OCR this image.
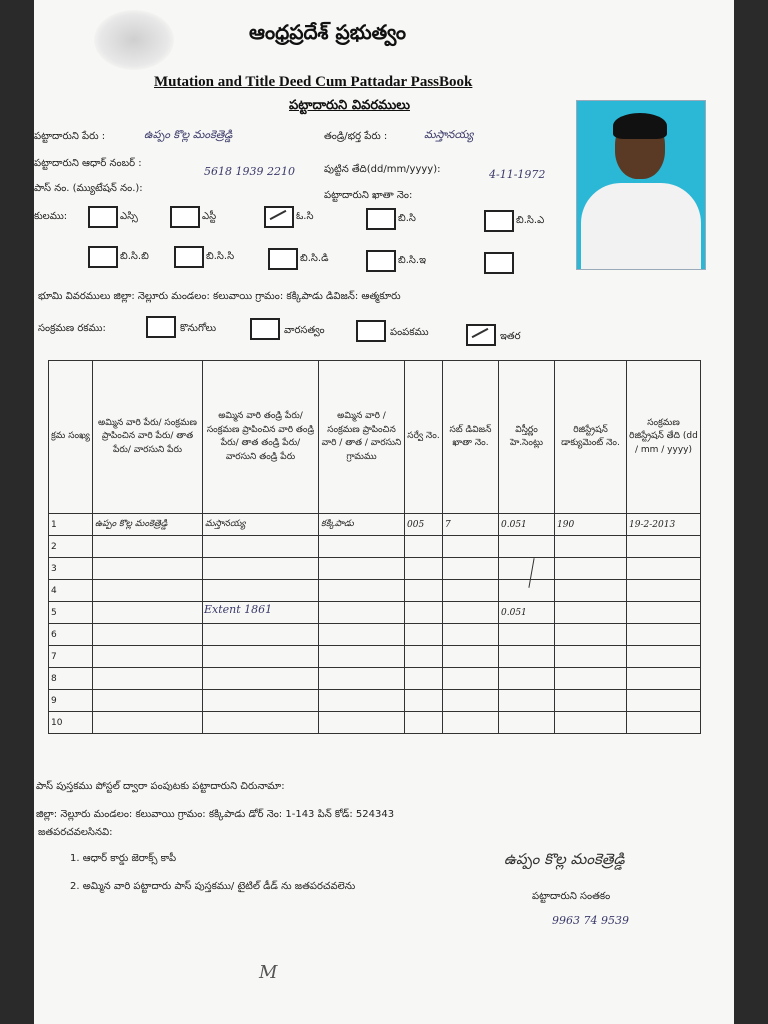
ఆంధ్రప్రదేశ్ ప్రభుత్వం
Mutation and Title Deed Cum Pattadar PassBook
పట్టాదారుని వివరములు
పట్టాదారుని పేరు :	ఉప్పం కొల్ల మంకెత్రెడ్డి	తండ్రి/భర్త పేరు :	మస్తానయ్య
పట్టాదారుని ఆధార్ నంబర్ :
5618 1939 2210	పుట్టిన తేది(dd/mm/yyyy):	4-11-1972
పాస్ నం. (మ్యుటేషన్ నం.):
పట్టాదారుని ఖాతా నెం:
కులము:	ఎస్సి	ఎస్టీ	ఓ.సి	బి.సి	బి.సి.ఎ
బి.సి.బి	బి.సి.సి	బి.సి.డి	బి.సి.ఇ
భూమి వివరములు జిల్లా: నెల్లూరు మండలం: కలువాయి గ్రామం: కక్కిపాడు డివిజన్: ఆత్మకూరు
సంక్రమణ రకము:	కొనుగోలు	వారసత్వం	పంపకము	ఇతర
క్రమ సంఖ్య	అమ్మిన వారి పేరు/ సంక్రమణ ప్రాపించిన వారి పేరు/ తాత పేరు/ వారసుని పేరు	అమ్మిన వారి తండ్రి పేరు/ సంక్రమణ ప్రాపించిన వారి తండ్రి పేరు/ తాత తండ్రి పేరు/ వారసుని తండ్రి పేరు	అమ్మిన వారి / సంక్రమణ ప్రాపించిన వారి / తాత / వారసుని గ్రామము	సర్వే నెం.	సబ్ డివిజన్ ఖాతా నెం.	విస్తీర్ణం హె.సెంట్లు	రిజిస్ట్రేషన్ డాక్యుమెంట్ నెం.	సంక్రమణ రిజిస్ట్రేషన్ తేది (dd / mm / yyyy)
1	ఉప్పం కొల్ల మంకెత్రెడ్డి	మస్తానయ్య	కక్కిపాడు	005	7	0.051	190	19-2-2013
2								
3								
4								
5						0.051		
6								
7								
8								
9								
10								
Extent 1861
పాస్ పుస్తకము పోస్టల్ ద్వారా పంపుటకు పట్టాదారుని చిరునామా:
జిల్లా: నెల్లూరు మండలం: కలువాయి గ్రామం: కక్కిపాడు డోర్ నెం: 1-143 పిన్ కోడ్: 524343
జతపరచవలసినవి:
1. ఆధార్ కార్డు జెరాక్స్ కాపీ
2. అమ్మిన వారి పట్టాదారు పాస్ పుస్తకము/ టైటిల్ డీడ్ ను జతపరచవలెను
ఉప్పం కొల్ల మంకెత్రెడ్డి
పట్టాదారుని సంతకం
9963 74 9539
M
